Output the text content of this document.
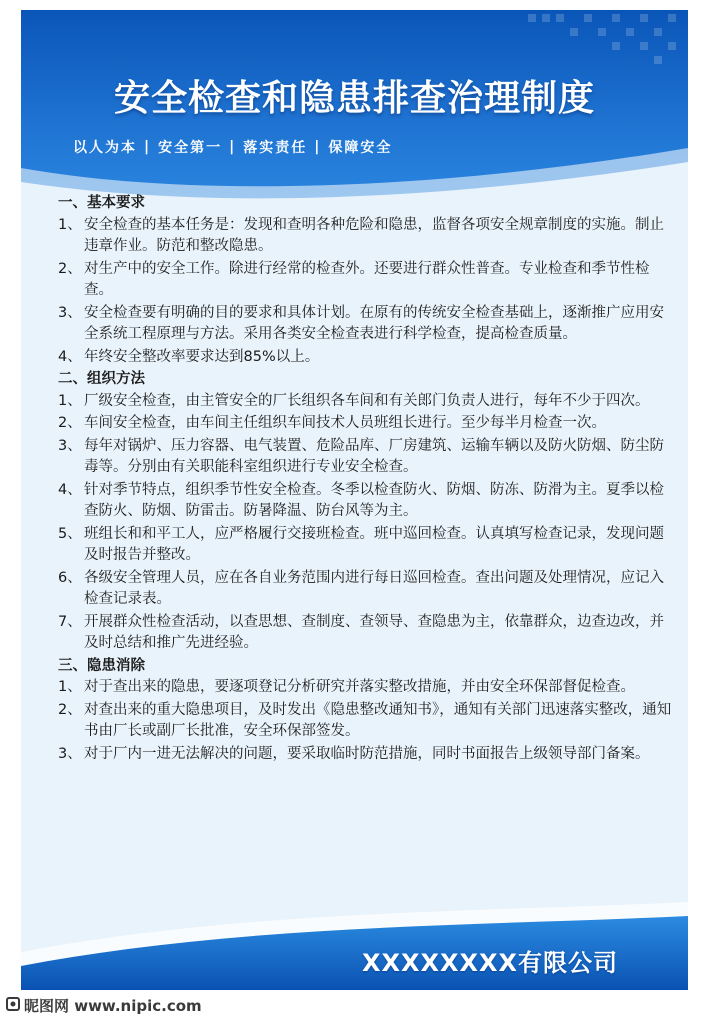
安全检查和隐患排查治理制度
以人为本 | 安全第一 | 落实责任 | 保障安全

一、基本要求

1、 安全检查的基本任务是：发现和查明各种危险和隐患，监督各项安全规章制度的实施。制止违章作业。防范和整改隐患。
2、 对生产中的安全工作。除进行经常的检查外。还要进行群众性普查。专业检查和季节性检查。
3、 安全检查要有明确的目的要求和具体计划。在原有的传统安全检查基础上，逐渐推广应用安全系统工程原理与方法。采用各类安全检查表进行科学检查，提高检查质量。
4、 年终安全整改率要求达到85%以上。

二、组织方法

1、 厂级安全检查，由主管安全的厂长组织各车间和有关郎门负责人进行，每年不少于四次。
2、 车间安全检查，由车间主任组织车间技术人员班组长进行。至少每半月检查一次。
3、 每年对锅炉、压力容器、电气装置、危险品库、厂房建筑、运输车辆以及防火防烟、防尘防毒等。分别由有关职能科室组织进行专业安全检查。
4、 针对季节特点，组织季节性安全检查。冬季以检查防火、防烟、防冻、防滑为主。夏季以检查防火、防烟、防雷击。防暑降温、防台风等为主。
5、 班组长和和平工人，应严格履行交接班检查。班中巡回检查。认真填写检查记录，发现问题及时报告并整改。
6、 各级安全管理人员，应在各自业务范围内进行每日巡回检查。查出问题及处理情况，应记入检查记录表。
7、 开展群众性检查活动，以查思想、查制度、查领导、查隐患为主，依靠群众，边查边改，并及时总结和推广先进经验。

三、隐患消除

1、 对于查出来的隐患，要逐项登记分析研究并落实整改措施，并由安全环保部督促检查。
2、 对查出来的重大隐患项目，及时发出《隐患整改通知书》，通知有关部门迅速落实整改，通知书由厂长或副厂长批准，安全环保部签发。
3、 对于厂内一进无法解决的问题，要采取临时防范措施，同时书面报告上级领导部门备案。
XXXXXXXX有限公司
昵图网 www.nipic.com	ID:10733131 NO:20211030094142016105
